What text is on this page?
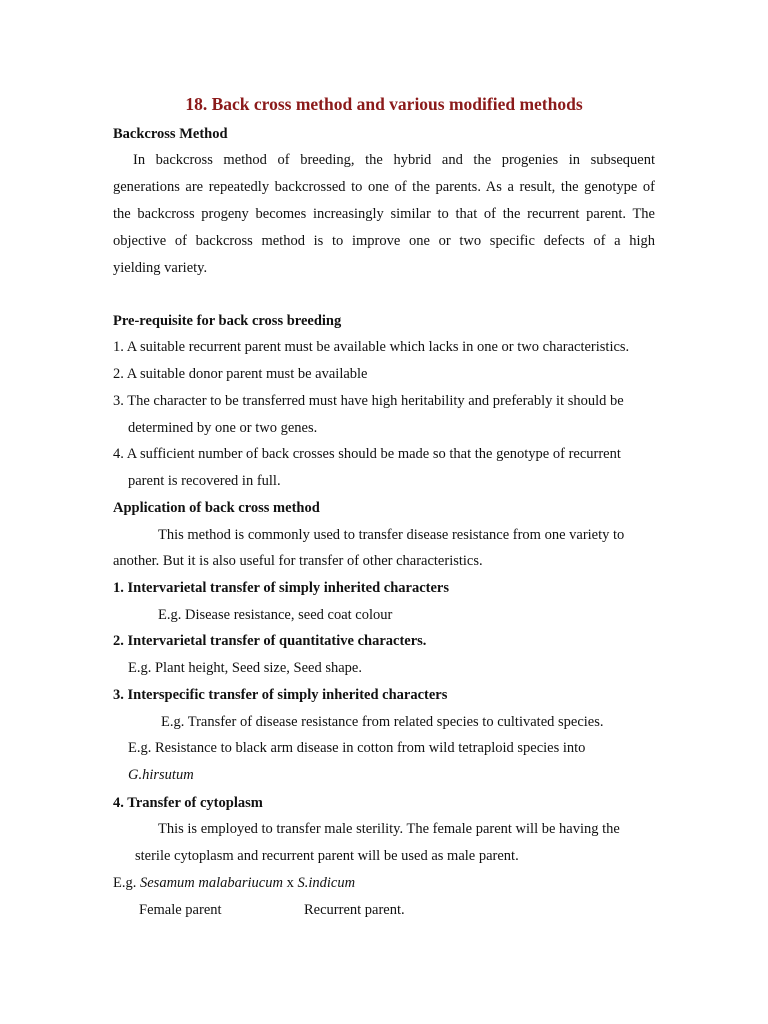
18. Back cross method and various modified methods
Backcross Method
In backcross method of breeding, the hybrid and the progenies in subsequent
generations are repeatedly backcrossed to one of the parents. As a result, the genotype of
the backcross progeny becomes increasingly similar to that of the recurrent parent. The
objective of backcross method is to improve one or two specific defects of a high
yielding variety.
Pre-requisite for back cross breeding
1. A suitable recurrent parent must be available which lacks in one or two characteristics.
2. A suitable donor parent must be available
3. The character to be transferred must have high heritability and preferably it should be
determined by one or two genes.
4. A sufficient number of back crosses should be made so that the genotype of recurrent
parent is recovered in full.
Application of back cross method
This method is commonly used to transfer disease resistance from one variety to
another. But it is also useful for transfer of other characteristics.
1. Intervarietal transfer of simply inherited characters
E.g. Disease resistance, seed coat colour
2. Intervarietal transfer of quantitative characters.
E.g. Plant height, Seed size, Seed shape.
3. Interspecific transfer of simply inherited characters
E.g. Transfer of disease resistance from related species to cultivated species.
E.g. Resistance to black arm disease in cotton from wild tetraploid species into
G.hirsutum
4. Transfer of cytoplasm
This is employed to transfer male sterility. The female parent will be having the
sterile cytoplasm and recurrent parent will be used as male parent.
E.g. Sesamum malabariucum x S.indicum
Female parent	Recurrent parent.
